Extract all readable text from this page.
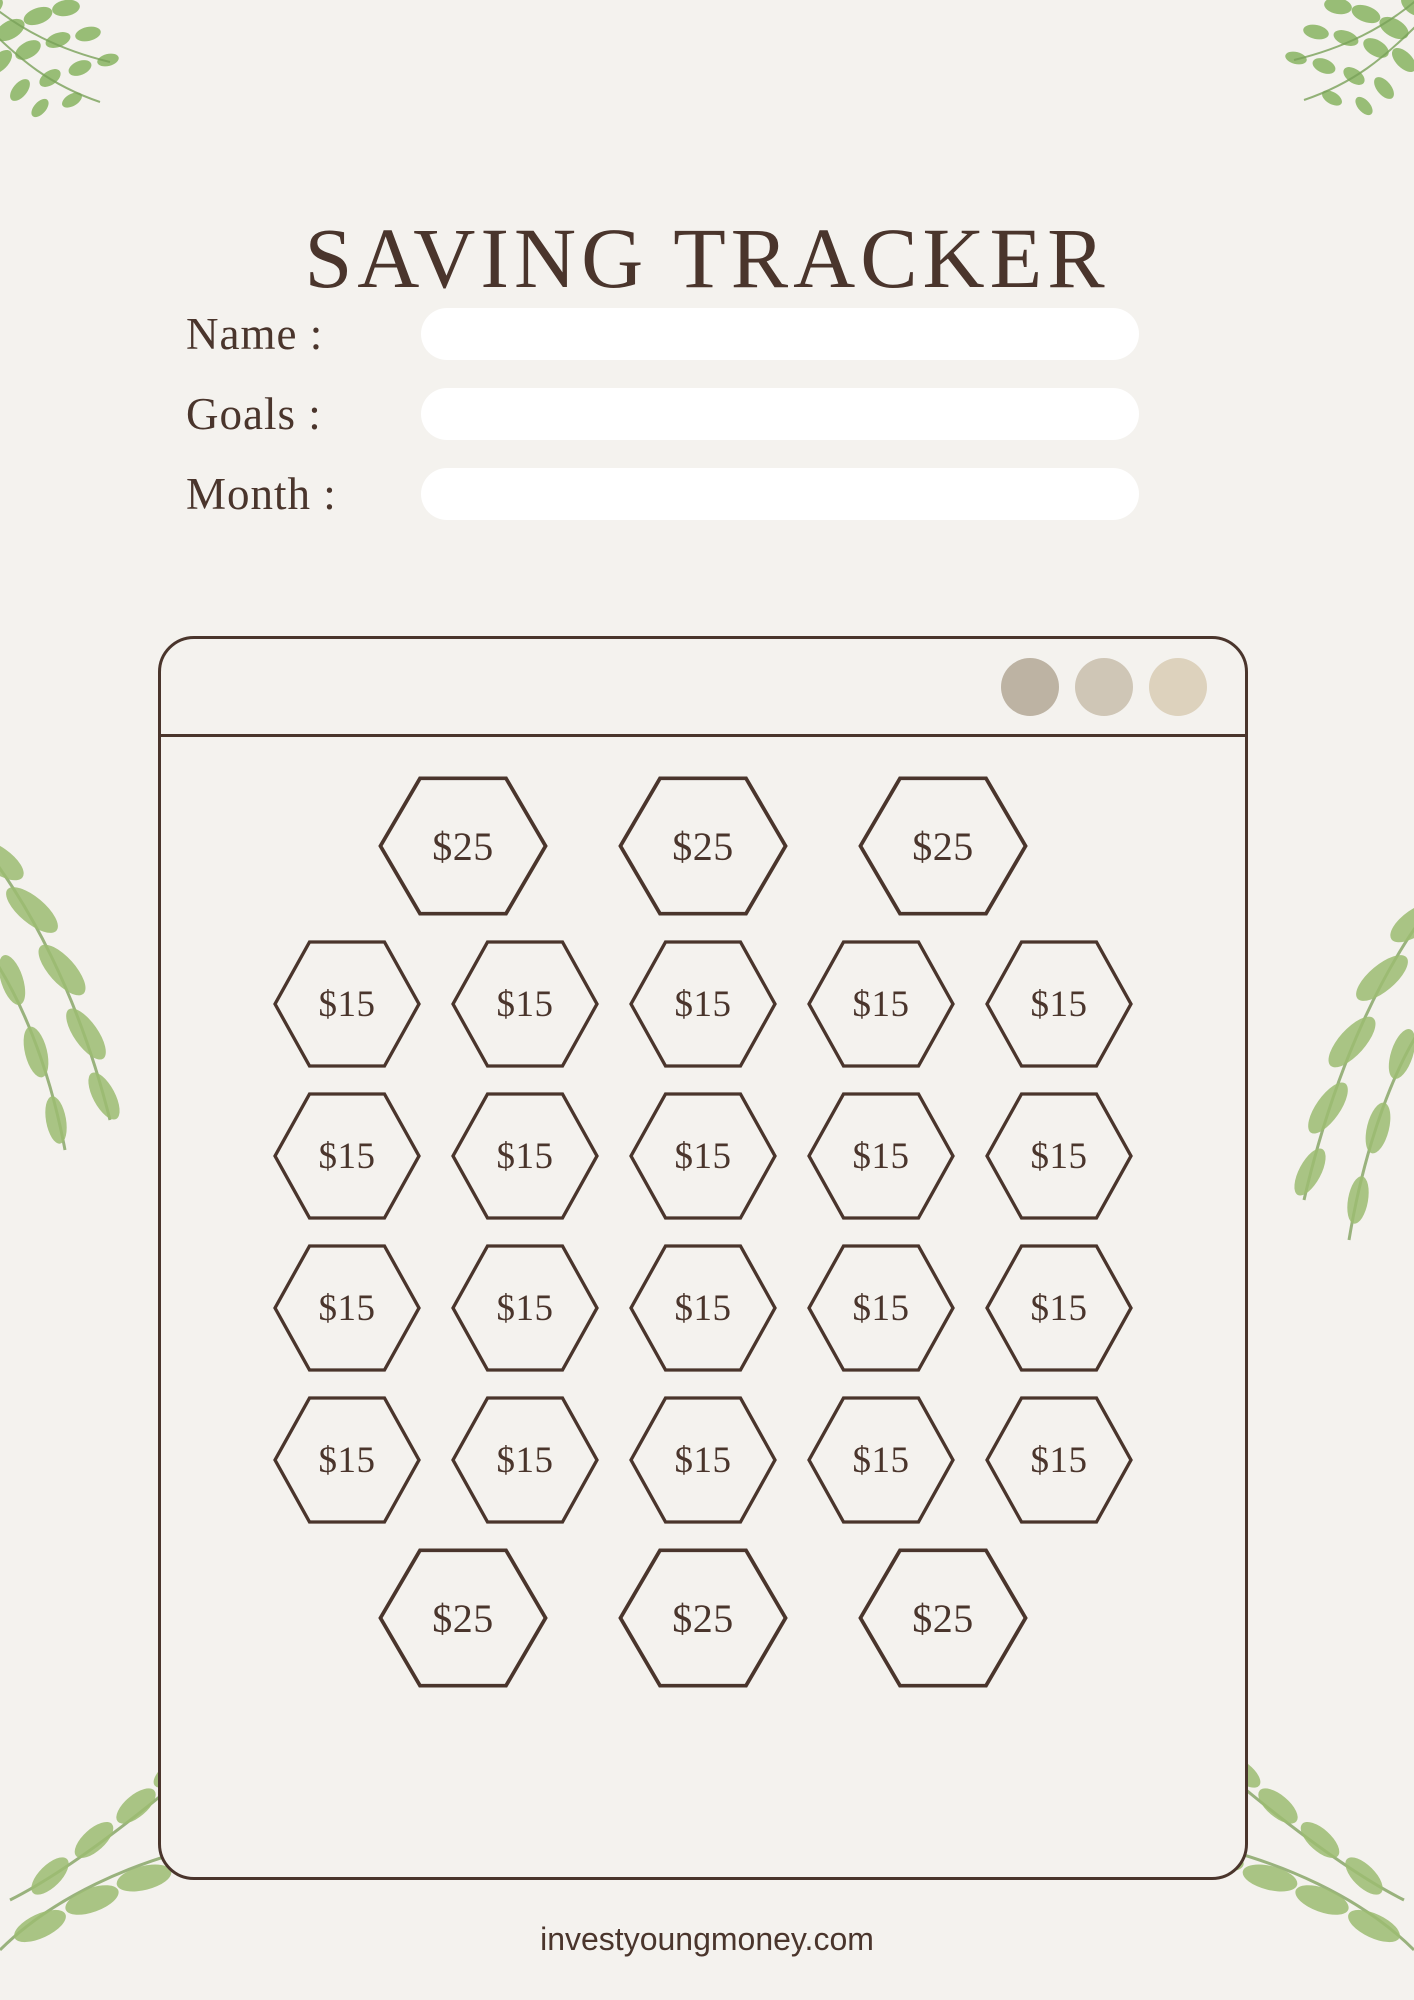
SAVING TRACKER
Name :
Goals :
Month :
$25	$25	$25
$15	$15	$15	$15	$15
$15	$15	$15	$15	$15
$15	$15	$15	$15	$15
$15	$15	$15	$15	$15
$25	$25	$25
investyoungmoney.com
